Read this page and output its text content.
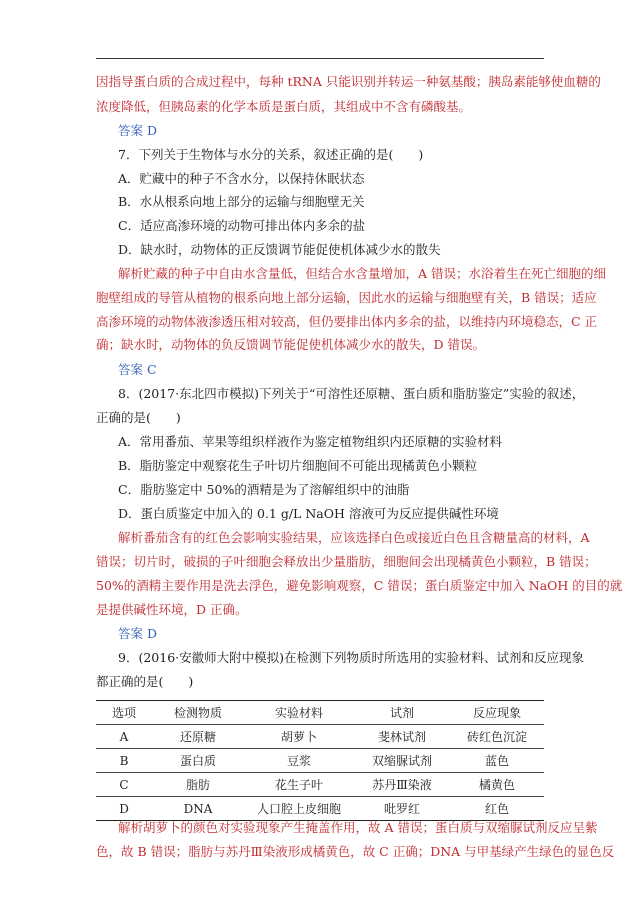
因指导蛋白质的合成过程中，每种 tRNA 只能识别并转运一种氨基酸；胰岛素能够使血糖的
浓度降低，但胰岛素的化学本质是蛋白质，其组成中不含有磷酸基。
答案 D
7．下列关于生物体与水分的关系，叙述正确的是(　　)
A．贮藏中的种子不含水分，以保持休眠状态
B．水从根系向地上部分的运输与细胞壁无关
C．适应高渗环境的动物可排出体内多余的盐
D．缺水时，动物体的正反馈调节能促使机体减少水的散失
解析贮藏的种子中自由水含量低，但结合水含量增加，A 错误；水浴着生在死亡细胞的细
胞壁组成的导管从植物的根系向地上部分运输，因此水的运输与细胞壁有关，B 错误；适应
高渗环境的动物体液渗透压相对较高，但仍要排出体内多余的盐，以维持内环境稳态，C 正
确；缺水时，动物体的负反馈调节能促使机体减少水的散失，D 错误。
答案 C
8．(2017·东北四市模拟)下列关于“可溶性还原糖、蛋白质和脂肪鉴定”实验的叙述，
正确的是(　　)
A．常用番茄、苹果等组织样液作为鉴定植物组织内还原糖的实验材料
B．脂肪鉴定中观察花生子叶切片细胞间不可能出现橘黄色小颗粒
C．脂肪鉴定中 50%的酒精是为了溶解组织中的油脂
D．蛋白质鉴定中加入的 0.1 g/L NaOH 溶液可为反应提供碱性环境
解析番茄含有的红色会影响实验结果，应该选择白色或接近白色且含糖量高的材料，A
错误；切片时，破损的子叶细胞会释放出少量脂肪，细胞间会出现橘黄色小颗粒，B 错误；
50%的酒精主要作用是洗去浮色，避免影响观察，C 错误；蛋白质鉴定中加入 NaOH 的目的就
是提供碱性环境，D 正确。
答案 D
9．(2016·安徽师大附中模拟)在检测下列物质时所选用的实验材料、试剂和反应现象
都正确的是(　　)
选项	检测物质	实验材料	试剂	反应现象
A	还原糖	胡萝卜	斐林试剂	砖红色沉淀
B	蛋白质	豆浆	双缩脲试剂	蓝色
C	脂肪	花生子叶	苏丹Ⅲ染液	橘黄色
D	DNA	人口腔上皮细胞	吡罗红	红色
解析胡萝卜的颜色对实验现象产生掩盖作用，故 A 错误；蛋白质与双缩脲试剂反应呈紫
色，故 B 错误；脂肪与苏丹Ⅲ染液形成橘黄色，故 C 正确；DNA 与甲基绿产生绿色的显色反
